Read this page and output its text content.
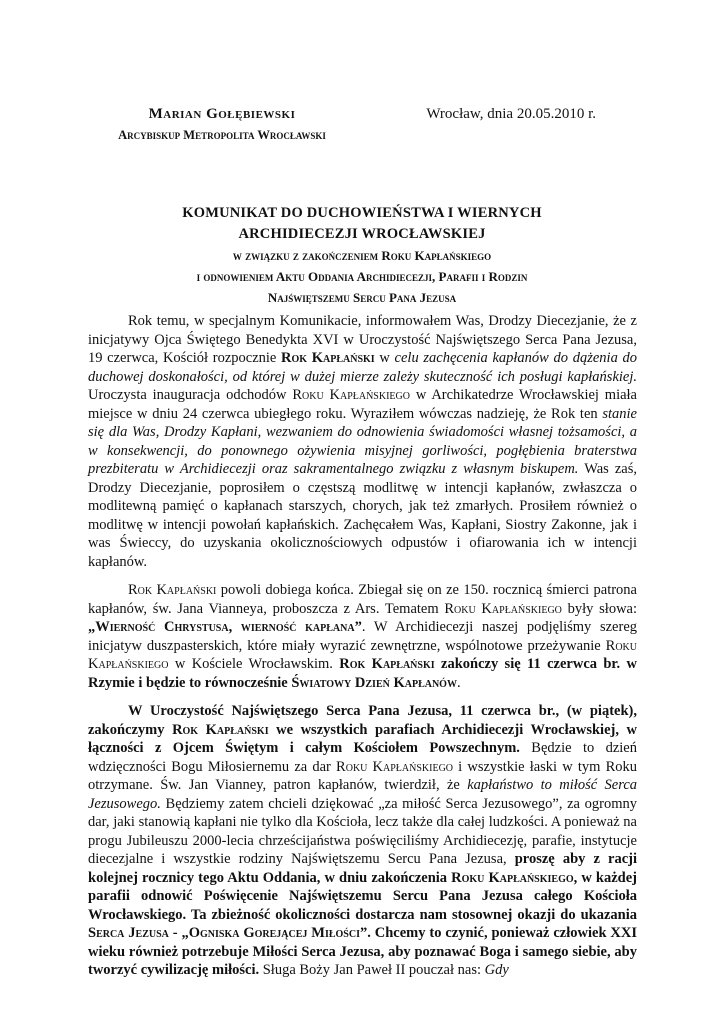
Marian Gołębiewski
Arcybiskup Metropolita Wrocławski
Wrocław, dnia 20.05.2010 r.
KOMUNIKAT DO DUCHOWIEŃSTWA I WIERNYCH
ARCHIDIECEZJI WROCŁAWSKIEJ
w związku z zakończeniem Roku Kapłańskiego
i odnowieniem Aktu Oddania Archidiecezji, Parafii i Rodzin
Najświętszemu Sercu Pana Jezusa

Rok temu, w specjalnym Komunikacie, informowałem Was, Drodzy Diecezjanie, że z inicjatywy Ojca Świętego Benedykta XVI w Uroczystość Najświętszego Serca Pana Jezusa, 19 czerwca, Kościół rozpocznie Rok Kapłański w celu zachęcenia kapłanów do dążenia do duchowej doskonałości, od której w dużej mierze zależy skuteczność ich posługi kapłańskiej. Uroczysta inauguracja odchodów Roku Kapłańskiego w Archikatedrze Wrocławskiej miała miejsce w dniu 24 czerwca ubiegłego roku. Wyraziłem wówczas nadzieję, że Rok ten stanie się dla Was, Drodzy Kapłani, wezwaniem do odnowienia świadomości własnej tożsamości, a w konsekwencji, do ponownego ożywienia misyjnej gorliwości, pogłębienia braterstwa prezbiteratu w Archidiecezji oraz sakramentalnego związku z własnym biskupem. Was zaś, Drodzy Diecezjanie, poprosiłem o częstszą modlitwę w intencji kapłanów, zwłaszcza o modlitewną pamięć o kapłanach starszych, chorych, jak też zmarłych. Prosiłem również o modlitwę w intencji powołań kapłańskich. Zachęcałem Was, Kapłani, Siostry Zakonne, jak i was Świeccy, do uzyskania okolicznościowych odpustów i ofiarowania ich w intencji kapłanów.

Rok Kapłański powoli dobiega końca. Zbiegał się on ze 150. rocznicą śmierci patrona kapłanów, św. Jana Vianneya, proboszcza z Ars. Tematem Roku Kapłańskiego były słowa: „Wierność Chrystusa, wierność kapłana”. W Archidiecezji naszej podjęliśmy szereg inicjatyw duszpasterskich, które miały wyrazić zewnętrzne, wspólnotowe przeżywanie Roku Kapłańskiego w Kościele Wrocławskim. Rok Kapłański zakończy się 11 czerwca br. w Rzymie i będzie to równocześnie Światowy Dzień Kapłanów.

W Uroczystość Najświętszego Serca Pana Jezusa, 11 czerwca br., (w piątek), zakończymy Rok Kapłański we wszystkich parafiach Archidiecezji Wrocławskiej, w łączności z Ojcem Świętym i całym Kościołem Powszechnym. Będzie to dzień wdzięczności Bogu Miłosiernemu za dar Roku Kapłańskiego i wszystkie łaski w tym Roku otrzymane. Św. Jan Vianney, patron kapłanów, twierdził, że kapłaństwo to miłość Serca Jezusowego. Będziemy zatem chcieli dziękować „za miłość Serca Jezusowego”, za ogromny dar, jaki stanowią kapłani nie tylko dla Kościoła, lecz także dla całej ludzkości. A ponieważ na progu Jubileuszu 2000-lecia chrześcijaństwa poświęciliśmy Archidiecezję, parafie, instytucje diecezjalne i wszystkie rodziny Najświętszemu Sercu Pana Jezusa, proszę aby z racji kolejnej rocznicy tego Aktu Oddania, w dniu zakończenia Roku Kapłańskiego, w każdej parafii odnowić Poświęcenie Najświętszemu Sercu Pana Jezusa całego Kościoła Wrocławskiego. Ta zbieżność okoliczności dostarcza nam stosownej okazji do ukazania Serca Jezusa - „Ogniska Gorejącej Miłości”. Chcemy to czynić, ponieważ człowiek XXI wieku również potrzebuje Miłości Serca Jezusa, aby poznawać Boga i samego siebie, aby tworzyć cywilizację miłości. Sługa Boży Jan Paweł II pouczał nas: Gdy
